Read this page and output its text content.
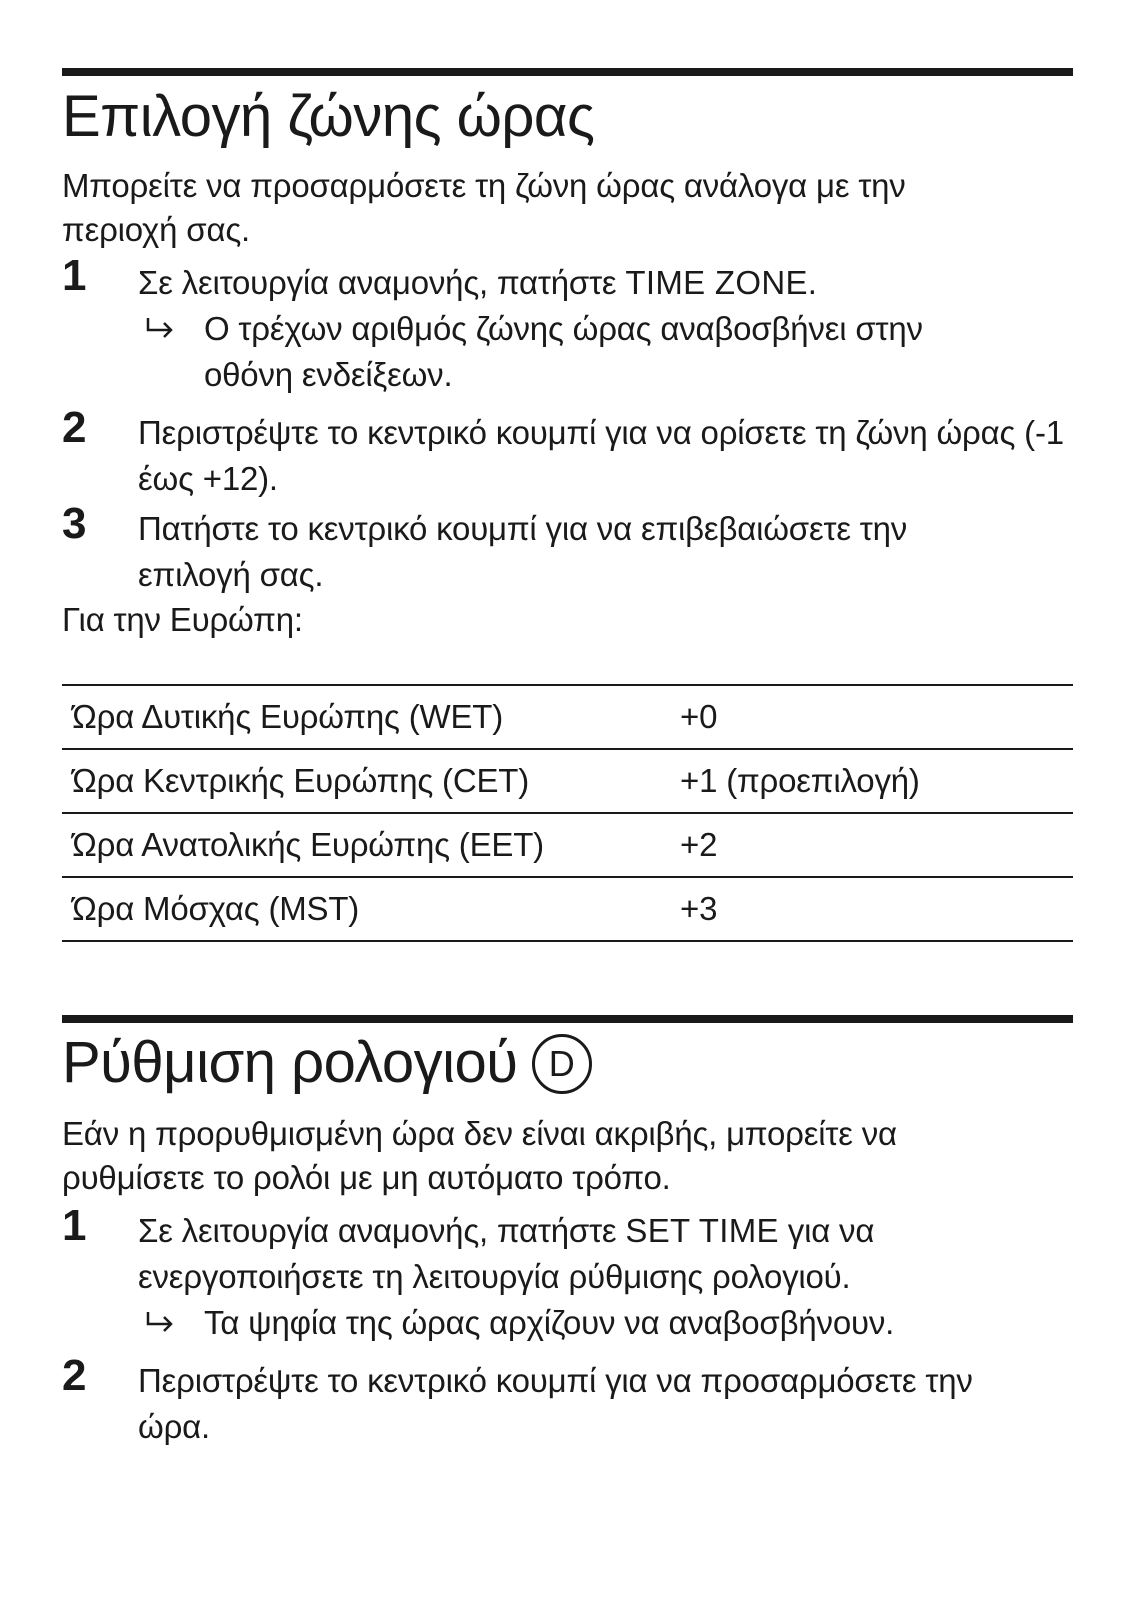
Επιλογή ζώνης ώρας

Μπορείτε να προσαρμόσετε τη ζώνη ώρας ανάλογα με την περιοχή σας.

1 Σε λειτουργία αναμονής, πατήστε TIME ZONE.

Ο τρέχων αριθμός ζώνης ώρας αναβοσβήνει στην οθόνη ενδείξεων.
2 Περιστρέψτε το κεντρικό κουμπί για να ορίσετε τη ζώνη ώρας (-1 έως +12).

3 Πατήστε το κεντρικό κουμπί για να επιβεβαιώσετε την επιλογή σας.

Για την Ευρώπη:

Ώρα Δυτικής Ευρώπης (WET)	+0
Ώρα Κεντρικής Ευρώπης (CET)	+1 (προεπιλογή)
Ώρα Ανατολικής Ευρώπης (EET)	+2
Ώρα Μόσχας (MST)	+3
Ρύθμιση ρολογιού D

Εάν η προρυθμισμένη ώρα δεν είναι ακριβής, μπορείτε να ρυθμίσετε το ρολόι με μη αυτόματο τρόπο.

1 Σε λειτουργία αναμονής, πατήστε SET TIME για να ενεργοποιήσετε τη λειτουργία ρύθμισης ρολογιού.

Τα ψηφία της ώρας αρχίζουν να αναβοσβήνουν.
2 Περιστρέψτε το κεντρικό κουμπί για να προσαρμόσετε την ώρα.
